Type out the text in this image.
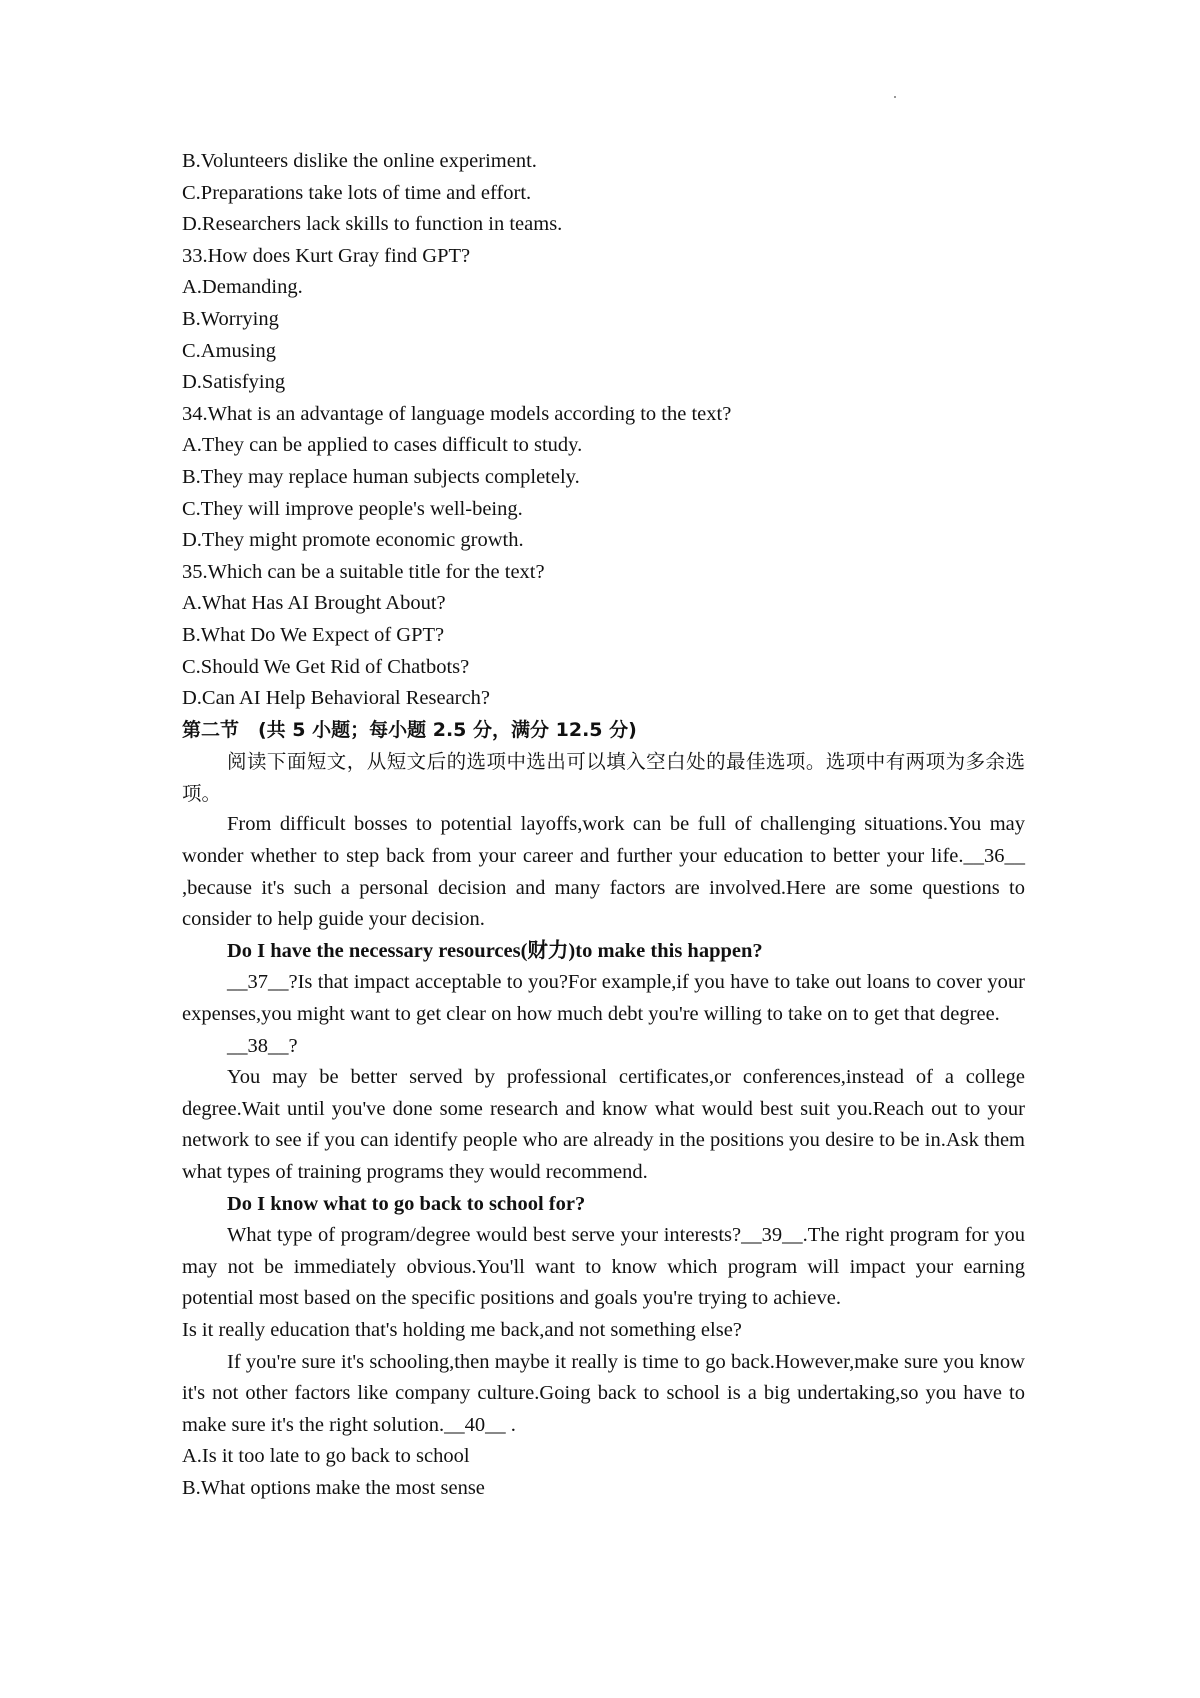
B.Volunteers dislike the online experiment.

C.Preparations take lots of time and effort.

D.Researchers lack skills to function in teams.

33.How does Kurt Gray find GPT?

A.Demanding.

B.Worrying

C.Amusing

D.Satisfying

34.What is an advantage of language models according to the text?

A.They can be applied to cases difficult to study.

B.They may replace human subjects completely.

C.They will improve people's well-being.

D.They might promote economic growth.

35.Which can be a suitable title for the text?

A.What Has AI Brought About?

B.What Do We Expect of GPT?

C.Should We Get Rid of Chatbots?

D.Can AI Help Behavioral Research?

第二节　(共 5 小题；每小题 2.5 分，满分 12.5 分)

阅读下面短文，从短文后的选项中选出可以填入空白处的最佳选项。选项中有两项为多余选项。

From difficult bosses to potential layoffs,work can be full of challenging situations.You may wonder whether to step back from your career and further your education to better your life.__36__ ,because it's such a personal decision and many factors are involved.Here are some questions to consider to help guide your decision.

Do I have the necessary resources(财力)to make this happen?

__37__?Is that impact acceptable to you?For example,if you have to take out loans to cover your expenses,you might want to get clear on how much debt you're willing to take on to get that degree.

__38__?

You may be better served by professional certificates,or conferences,instead of a college degree.Wait until you've done some research and know what would best suit you.Reach out to your network to see if you can identify people who are already in the positions you desire to be in.Ask them what types of training programs they would recommend.

Do I know what to go back to school for?

What type of program/degree would best serve your interests?__39__.The right program for you may not be immediately obvious.You'll want to know which program will impact your earning potential most based on the specific positions and goals you're trying to achieve.

Is it really education that's holding me back,and not something else?

If you're sure it's schooling,then maybe it really is time to go back.However,make sure you know it's not other factors like company culture.Going back to school is a big undertaking,so you have to make sure it's the right solution.__40__ .

A.Is it too late to go back to school

B.What options make the most sense
